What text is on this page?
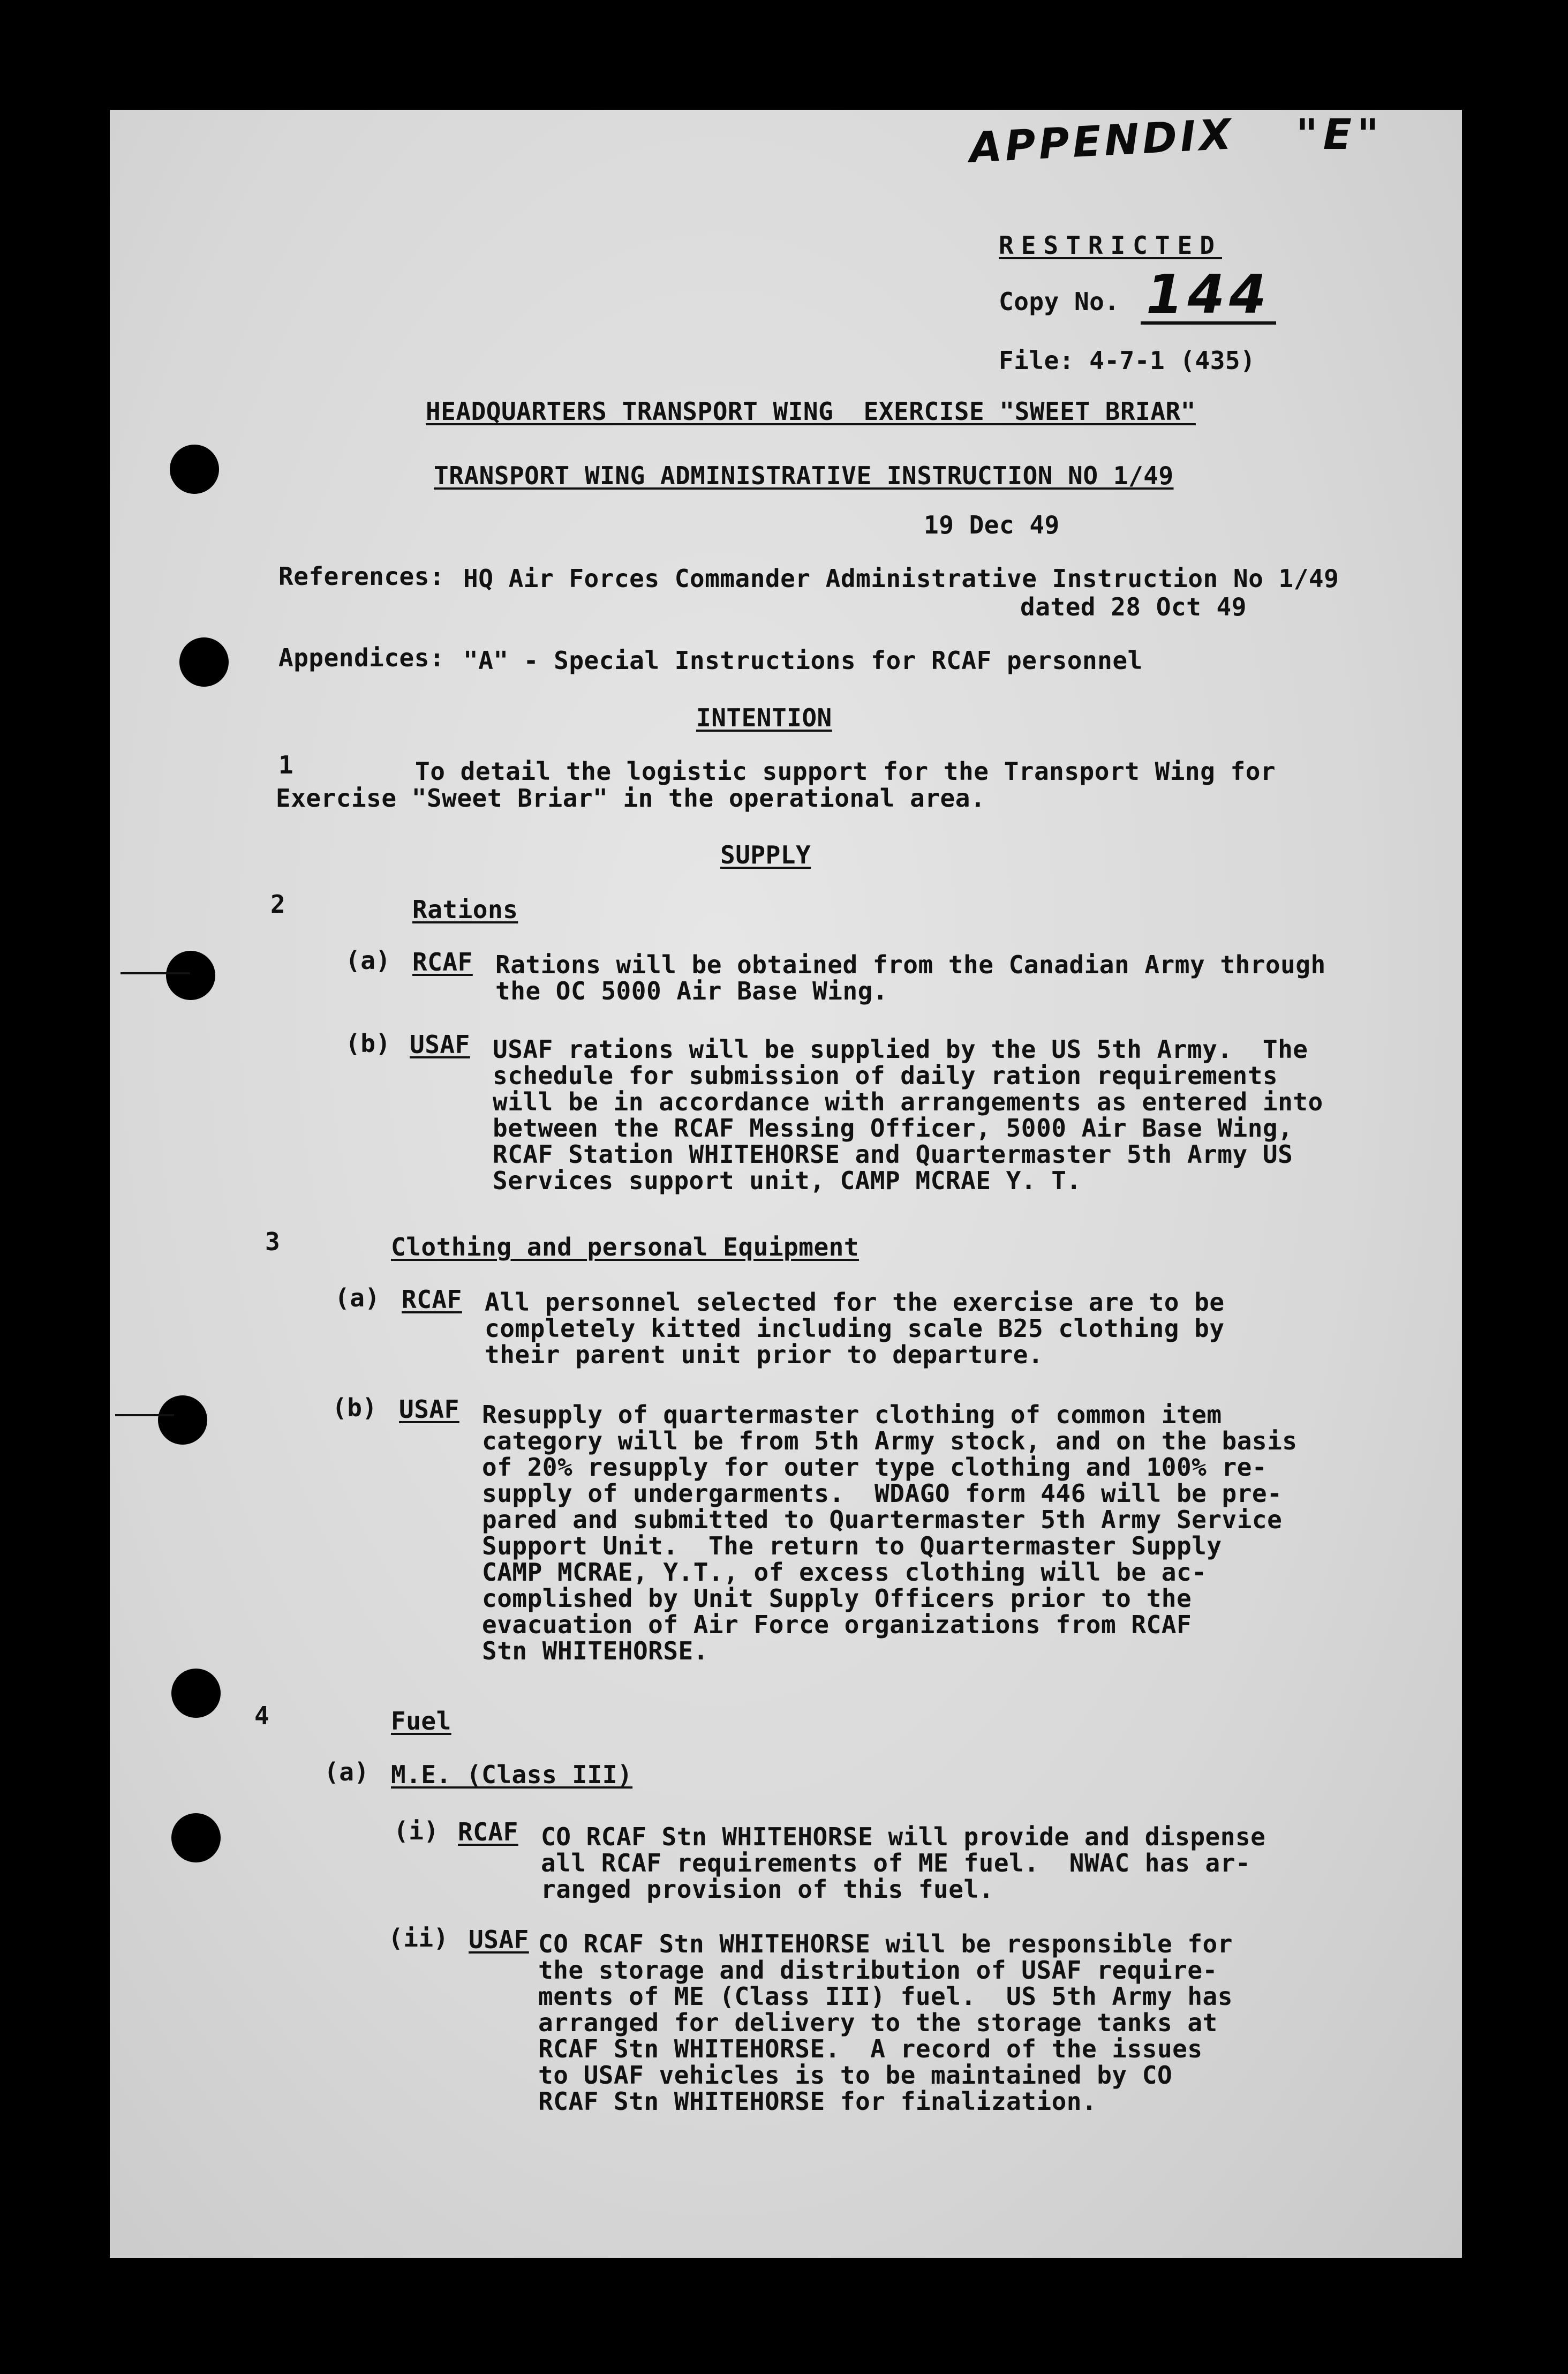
APPENDIX "E"
RESTRICTED
Copy No. 144
File: 4-7-1 (435)
HEADQUARTERS TRANSPORT WING  EXERCISE "SWEET BRIAR"
TRANSPORT WING ADMINISTRATIVE INSTRUCTION NO 1/49
19 Dec 49
References: HQ Air Forces Commander Administrative Instruction No 1/49
dated 28 Oct 49
Appendices: "A" - Special Instructions for RCAF personnel
INTENTION
1	To detail the logistic support for the Transport Wing for
Exercise "Sweet Briar" in the operational area.
SUPPLY
2	Rations
(a) RCAF Rations will be obtained from the Canadian Army through
the OC 5000 Air Base Wing.
(b) USAF USAF rations will be supplied by the US 5th Army.  The
schedule for submission of daily ration requirements
will be in accordance with arrangements as entered into
between the RCAF Messing Officer, 5000 Air Base Wing,
RCAF Station WHITEHORSE and Quartermaster 5th Army US
Services support unit, CAMP MCRAE Y. T.
3	Clothing and personal Equipment
(a) RCAF All personnel selected for the exercise are to be
completely kitted including scale B25 clothing by
their parent unit prior to departure.
(b) USAF Resupply of quartermaster clothing of common item
category will be from 5th Army stock, and on the basis
of 20% resupply for outer type clothing and 100% re-
supply of undergarments.  WDAGO form 446 will be pre-
pared and submitted to Quartermaster 5th Army Service
Support Unit.  The return to Quartermaster Supply
CAMP MCRAE, Y.T., of excess clothing will be ac-
complished by Unit Supply Officers prior to the
evacuation of Air Force organizations from RCAF
Stn WHITEHORSE.
4	Fuel
(a) M.E. (Class III)
(i) RCAF CO RCAF Stn WHITEHORSE will provide and dispense
all RCAF requirements of ME fuel.  NWAC has ar-
ranged provision of this fuel.
(ii) USAF CO RCAF Stn WHITEHORSE will be responsible for
the storage and distribution of USAF require-
ments of ME (Class III) fuel.  US 5th Army has
arranged for delivery to the storage tanks at
RCAF Stn WHITEHORSE.  A record of the issues
to USAF vehicles is to be maintained by CO
RCAF Stn WHITEHORSE for finalization.
